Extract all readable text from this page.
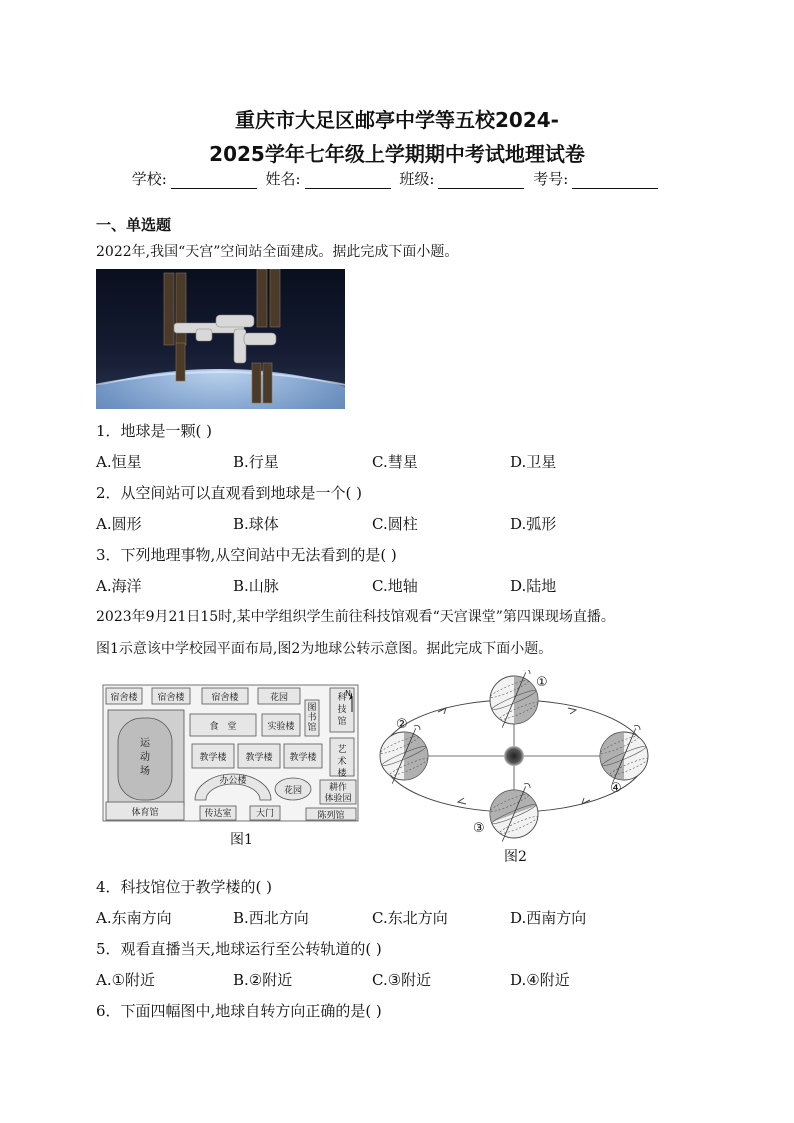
重庆市大足区邮亭中学等五校2024-
2025学年七年级上学期期中考试地理试卷
学校:	姓名:	班级:	考号:
一、单选题
2022年,我国“天宫”空间站全面建成。据此完成下面小题。
1．地球是一颗( )
A.恒星	B.行星	C.彗星	D.卫星
2．从空间站可以直观看到地球是一个( )
A.圆形	B.球体	C.圆柱	D.弧形
3．下列地理事物,从空间站中无法看到的是( )
A.海洋	B.山脉	C.地轴	D.陆地
2023年9月21日15时,某中学组织学生前往科技馆观看“天宫课堂”第四课现场直播。
图1示意该中学校园平面布局,图2为地球公转示意图。据此完成下面小题。
宿舍楼 宿舍楼	宿舍楼	花园
食　堂	实验楼
教学楼 教学楼 教学楼
办公楼
花园
体育馆	传达室	大门	陈列馆
运动场
图书馆
科技馆
艺术楼
耕作体验园
N
图1
①
②
③
④
图2
4．科技馆位于教学楼的( )
A.东南方向	B.西北方向	C.东北方向	D.西南方向
5．观看直播当天,地球运行至公转轨道的( )
A.①附近	B.②附近	C.③附近	D.④附近
6．下面四幅图中,地球自转方向正确的是( )
